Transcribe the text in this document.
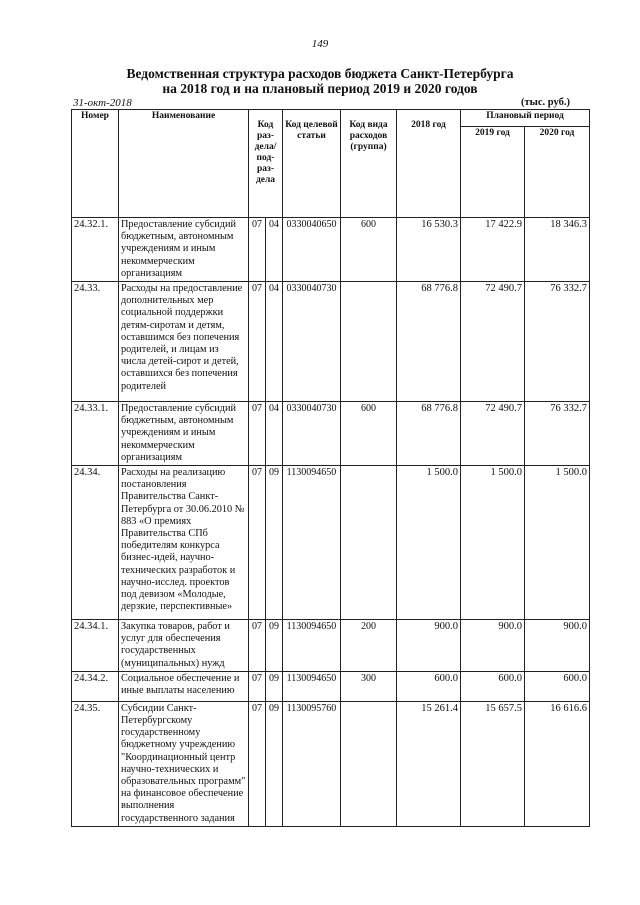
149
Ведомственная структура расходов бюджета Санкт-Петербурга
на 2018 год и на плановый период 2019 и 2020 годов
31-окт-2018	(тыс. руб.)
Номер	Наименование	Код раз-дела/ под-раз-дела		Код целевой статьи	Код вида расходов (группа)	2018 год	Плановый период	
							2019 год	2020 год
24.32.1.	Предоставление субсидий бюджетным, автономным учреждениям и иным некоммерческим организациям	07	04	0330040650	600	16 530.3	17 422.9	18 346.3
24.33.	Расходы на предоставление дополнительных мер социальной поддержки детям-сиротам и детям, оставшимся без попечения родителей, и лицам из числа детей-сирот и детей, оставшихся без попечения родителей	07	04	0330040730		68 776.8	72 490.7	76 332.7
24.33.1.	Предоставление субсидий бюджетным, автономным учреждениям и иным некоммерческим организациям	07	04	0330040730	600	68 776.8	72 490.7	76 332.7
24.34.	Расходы на реализацию постановления Правительства Санкт-Петербурга от 30.06.2010 № 883 «О премиях Правительства СПб победителям конкурса бизнес-идей, научно-технических разработок и научно-исслед. проектов под девизом «Молодые, дерзкие, перспективные»	07	09	1130094650		1 500.0	1 500.0	1 500.0
24.34.1.	Закупка товаров, работ и услуг для обеспечения государственных (муниципальных) нужд	07	09	1130094650	200	900.0	900.0	900.0
24.34.2.	Социальное обеспечение и иные выплаты населению	07	09	1130094650	300	600.0	600.0	600.0
24.35.	Субсидии Санкт-Петербургскому государственному бюджетному учреждению "Координационный центр научно-технических и образовательных программ" на финансовое обеспечение выполнения государственного задания	07	09	1130095760		15 261.4	15 657.5	16 616.6
